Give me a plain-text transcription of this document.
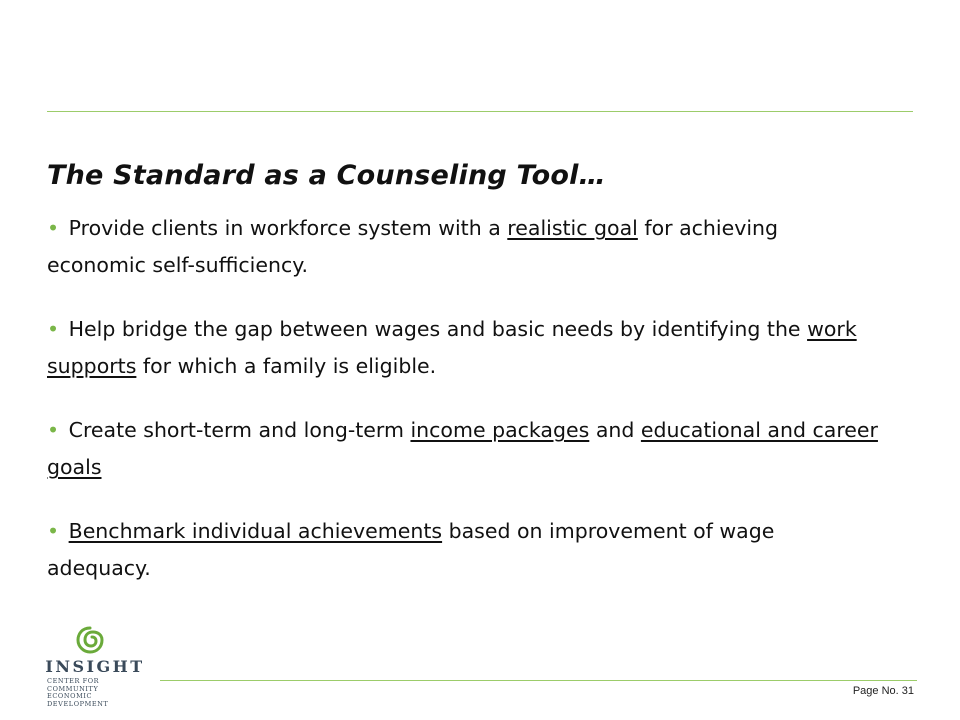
The Standard as a Counseling Tool…
• Provide clients in workforce system with a realistic goal for achieving economic self-sufficiency.
• Help bridge the gap between wages and basic needs by identifying the work supports for which a family is eligible.
• Create short-term and long-term income packages and educational and career goals
• Benchmark individual achievements based on improvement of wage adequacy.
INSIGHT
CENTER FOR COMMUNITY
ECONOMIC DEVELOPMENT
Page No. 31
